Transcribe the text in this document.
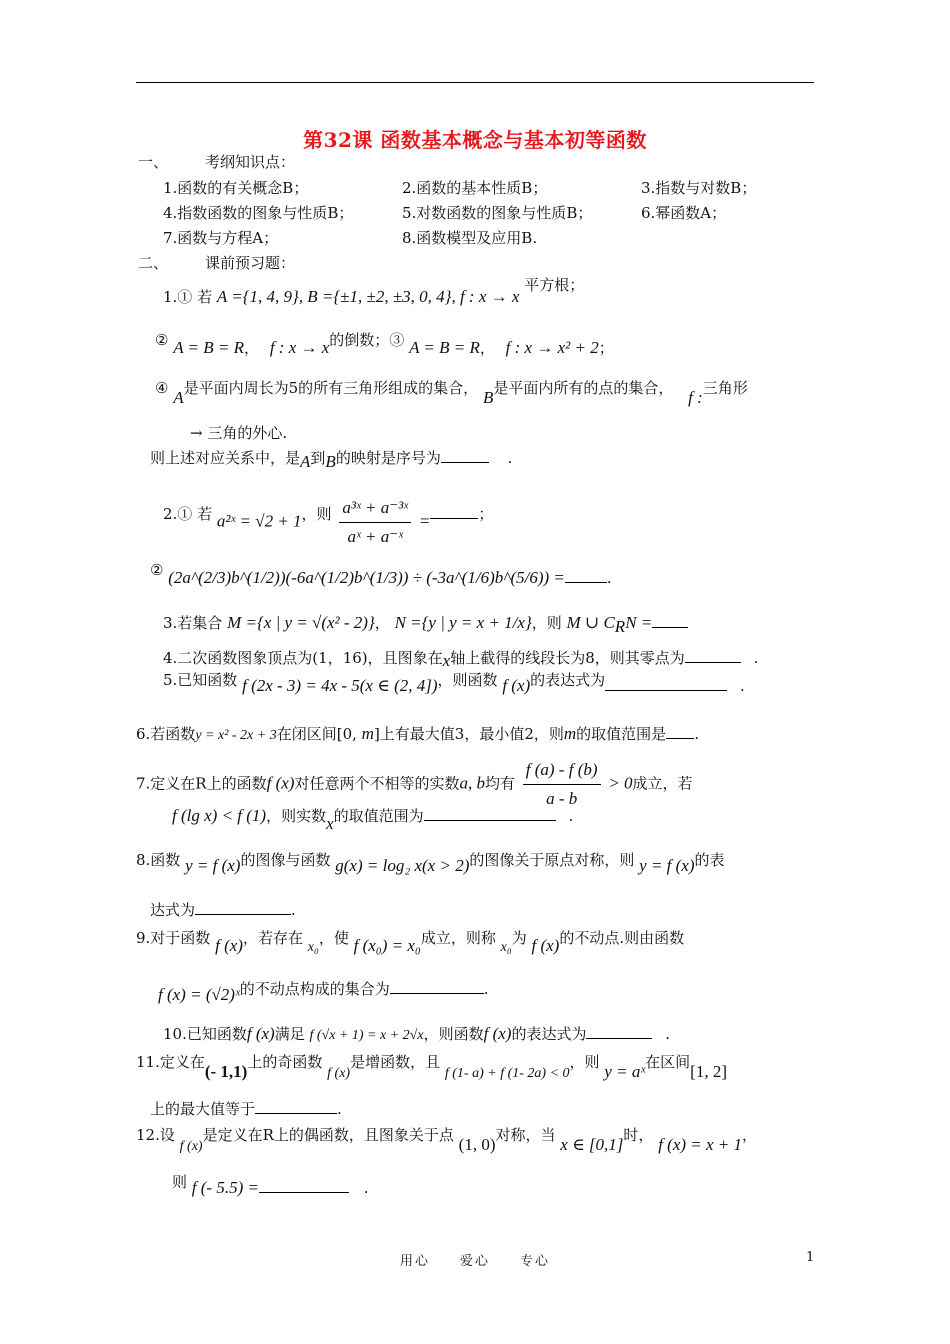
第32课 函数基本概念与基本初等函数
一、 考纲知识点：
1.函数的有关概念B；	2.函数的基本性质B；	3.指数与对数B；
4.指数函数的图象与性质B；	5.对数函数的图象与性质B；	6.幂函数A；
7.函数与方程A；	8.函数模型及应用B.
二、 课前预习题：
1.① 若 A ={1, 4, 9}, B ={±1, ±2, ±3, 0, 4}, f : x → x 平方根；
② A = B = R， f : x → x的倒数；③ A = B = R， f : x → x² + 2；
④ A是平面内周长为5的所有三角形组成的集合， B是平面内所有的点的集合， f :三角形
→ 三角的外心.
则上述对应关系中，是A到B的映射是序号为	.
2.① 若 a²ˣ = √2 + 1，则 $\frac{\text{a³ˣ + a⁻³ˣ}}{\text{aˣ + a⁻ˣ}}$ =	；
② (2a^(2/3)b^(1/2))(-6a^(1/2)b^(1/3)) ÷ (-3a^(1/6)b^(5/6)) =	.
3.若集合 M ={x | y = √(x² - 2)}， N ={y | y = x + 1/x}，则 M ∪ $C_RN$ =
4.二次函数图象顶点为(1，16)，且图象在x轴上截得的线段长为8，则其零点为	.
5.已知函数 f (2x - 3) = 4x - 5(x ∈ (2, 4])，则函数 f (x)的表达式为	.
6.若函数y = x² - 2x + 3在闭区间[0, m]上有最大值3，最小值2，则m的取值范围是 .
7.定义在R上的函数f (x)对任意两个不相等的实数a, b均有 $\frac{f (a) - f (b)}{a - b} > 0$成立，若
f (lg x) < f (1)，则实数x的取值范围为	.
8.函数 y = f (x)的图像与函数 g(x) = log₂ x(x > 2)的图像关于原点对称，则 y = f (x)的表
达式为	.
9.对于函数 f (x)，若存在 x₀，使 f (x₀) = x₀成立，则称 x₀为 f (x)的不动点.则由函数
f (x) = (√2)ˣ的不动点构成的集合为	.
10.已知函数f (x)满足 f (√x + 1) = x + 2√x，则函数f (x)的表达式为	.
11.定义在(- 1,1)上的奇函数 f (x)是增函数，且 f (1- a) + f (1- 2a) < 0，则 y = aˣ在区间[1, 2]
上的最大值等于	.
12.设 f (x)是定义在R上的偶函数，且图象关于点 (1, 0)对称，当 x ∈ [0,1]时， f (x) = x + 1，
则 f (- 5.5) =	.
用心　　爱心　　专心	1
